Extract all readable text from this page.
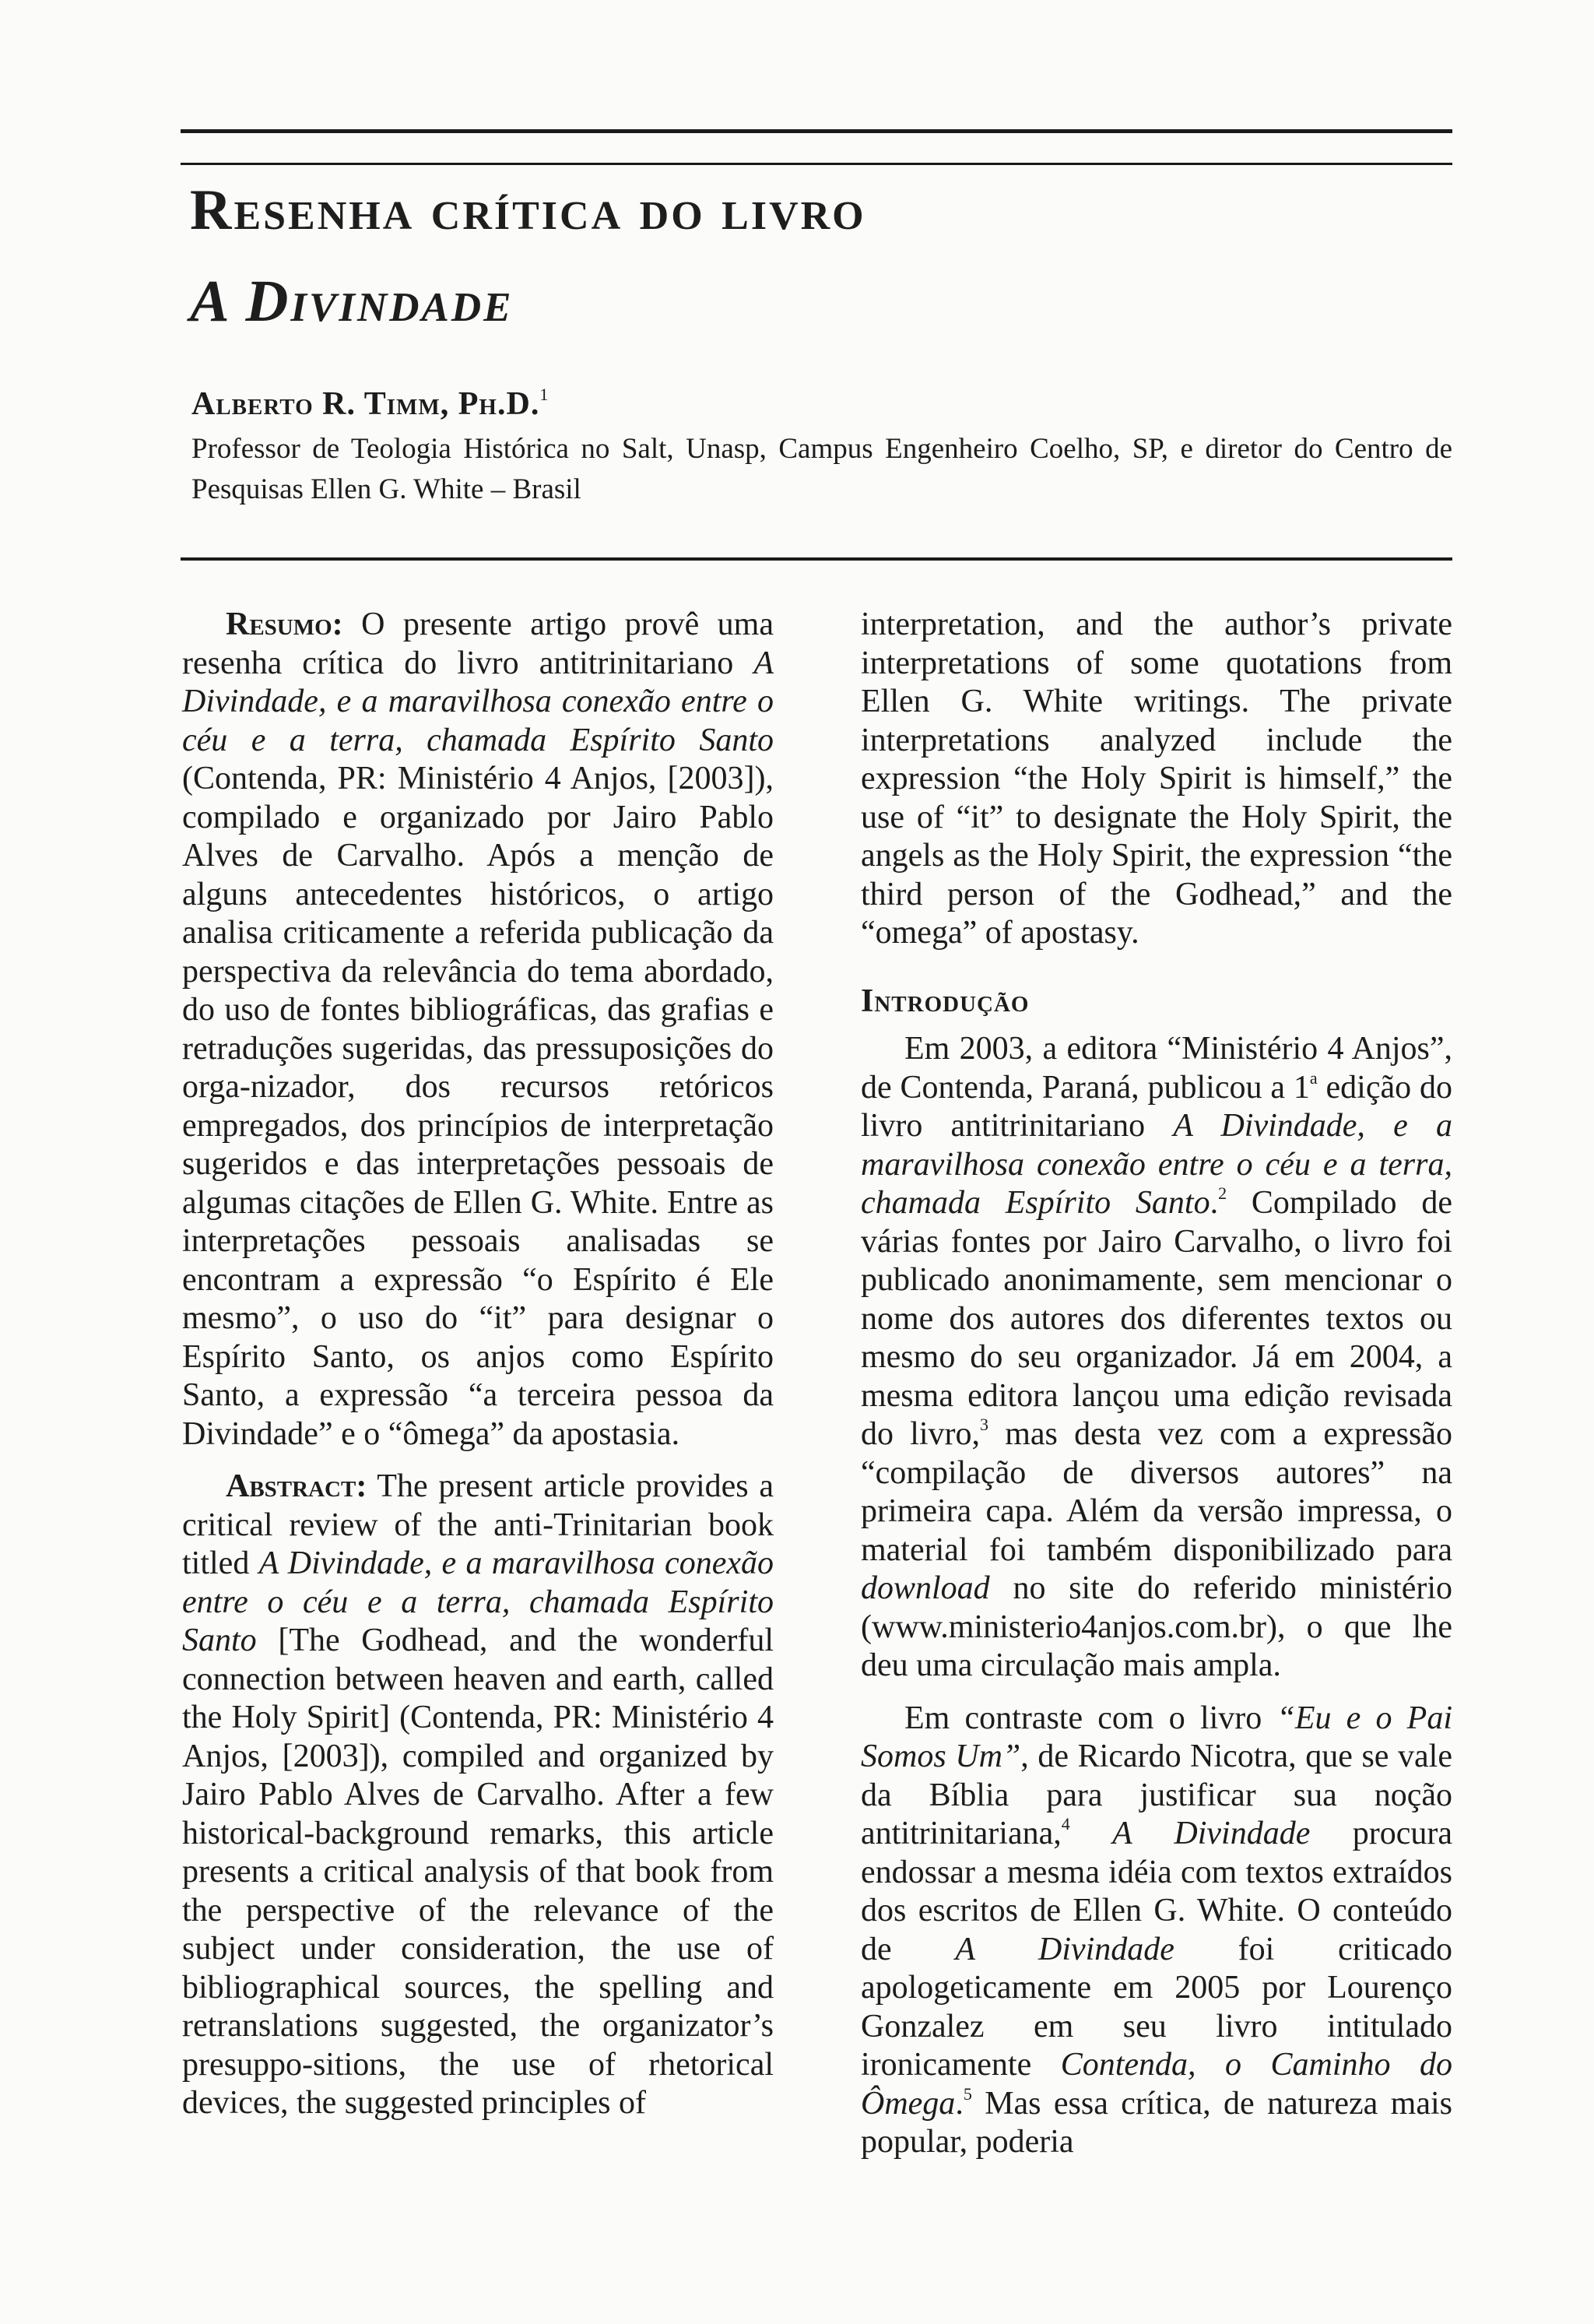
Resenha crítica do livro
A Divindade
Alberto R. Timm, Ph.D.$^1$
Professor de Teologia Histórica no Salt, Unasp, Campus Engenheiro Coelho, SP, e diretor do Centro de Pesquisas Ellen G. White – Brasil

Resumo: O presente artigo provê uma resenha crítica do livro antitrinitariano A Divindade, e a maravilhosa conexão entre o céu e a terra, chamada Espírito Santo (Contenda, PR: Ministério 4 Anjos, [2003]), compilado e organizado por Jairo Pablo Alves de Carvalho. Após a menção de alguns antecedentes históricos, o artigo analisa criticamente a referida publicação da perspectiva da relevância do tema abordado, do uso de fontes bibliográficas, das grafias e retraduções sugeridas, das pressuposições do orga-nizador, dos recursos retóricos empregados, dos princípios de interpretação sugeridos e das interpretações pessoais de algumas citações de Ellen G. White. Entre as interpretações pessoais analisadas se encontram a expressão “o Espírito é Ele mesmo”, o uso do “it” para designar o Espírito Santo, os anjos como Espírito Santo, a expressão “a terceira pessoa da Divindade” e o “ômega” da apostasia.

Abstract: The present article provides a critical review of the anti-Trinitarian book titled A Divindade, e a maravilhosa conexão entre o céu e a terra, chamada Espírito Santo [The Godhead, and the wonderful connection between heaven and earth, called the Holy Spirit] (Contenda, PR: Ministério 4 Anjos, [2003]), compiled and organized by Jairo Pablo Alves de Carvalho. After a few historical-background remarks, this article presents a critical analysis of that book from the perspective of the relevance of the subject under consideration, the use of bibliographical sources, the spelling and retranslations suggested, the organizator’s presuppo-sitions, the use of rhetorical devices, the suggested principles of

interpretation, and the author’s private interpretations of some quotations from Ellen G. White writings. The private interpretations analyzed include the expression “the Holy Spirit is himself,” the use of “it” to designate the Holy Spirit, the angels as the Holy Spirit, the expression “the third person of the Godhead,” and the “omega” of apostasy.

Introdução

Em 2003, a editora “Ministério 4 Anjos”, de Contenda, Paraná, publicou a 1$^a$ edição do livro antitrinitariano A Divindade, e a maravilhosa conexão entre o céu e a terra, chamada Espírito Santo.$^2$ Compilado de várias fontes por Jairo Carvalho, o livro foi publicado anonimamente, sem mencionar o nome dos autores dos diferentes textos ou mesmo do seu organizador. Já em 2004, a mesma editora lançou uma edição revisada do livro,$^3$ mas desta vez com a expressão “compilação de diversos autores” na primeira capa. Além da versão impressa, o material foi também disponibilizado para download no site do referido ministério (www.ministerio4anjos.com.br), o que lhe deu uma circulação mais ampla.

Em contraste com o livro “Eu e o Pai Somos Um”, de Ricardo Nicotra, que se vale da Bíblia para justificar sua noção antitrinitariana,$^4$ A Divindade procura endossar a mesma idéia com textos extraídos dos escritos de Ellen G. White. O conteúdo de A Divindade foi criticado apologeticamente em 2005 por Lourenço Gonzalez em seu livro intitulado ironicamente Contenda, o Caminho do Ômega.$^5$ Mas essa crítica, de natureza mais popular, poderia
